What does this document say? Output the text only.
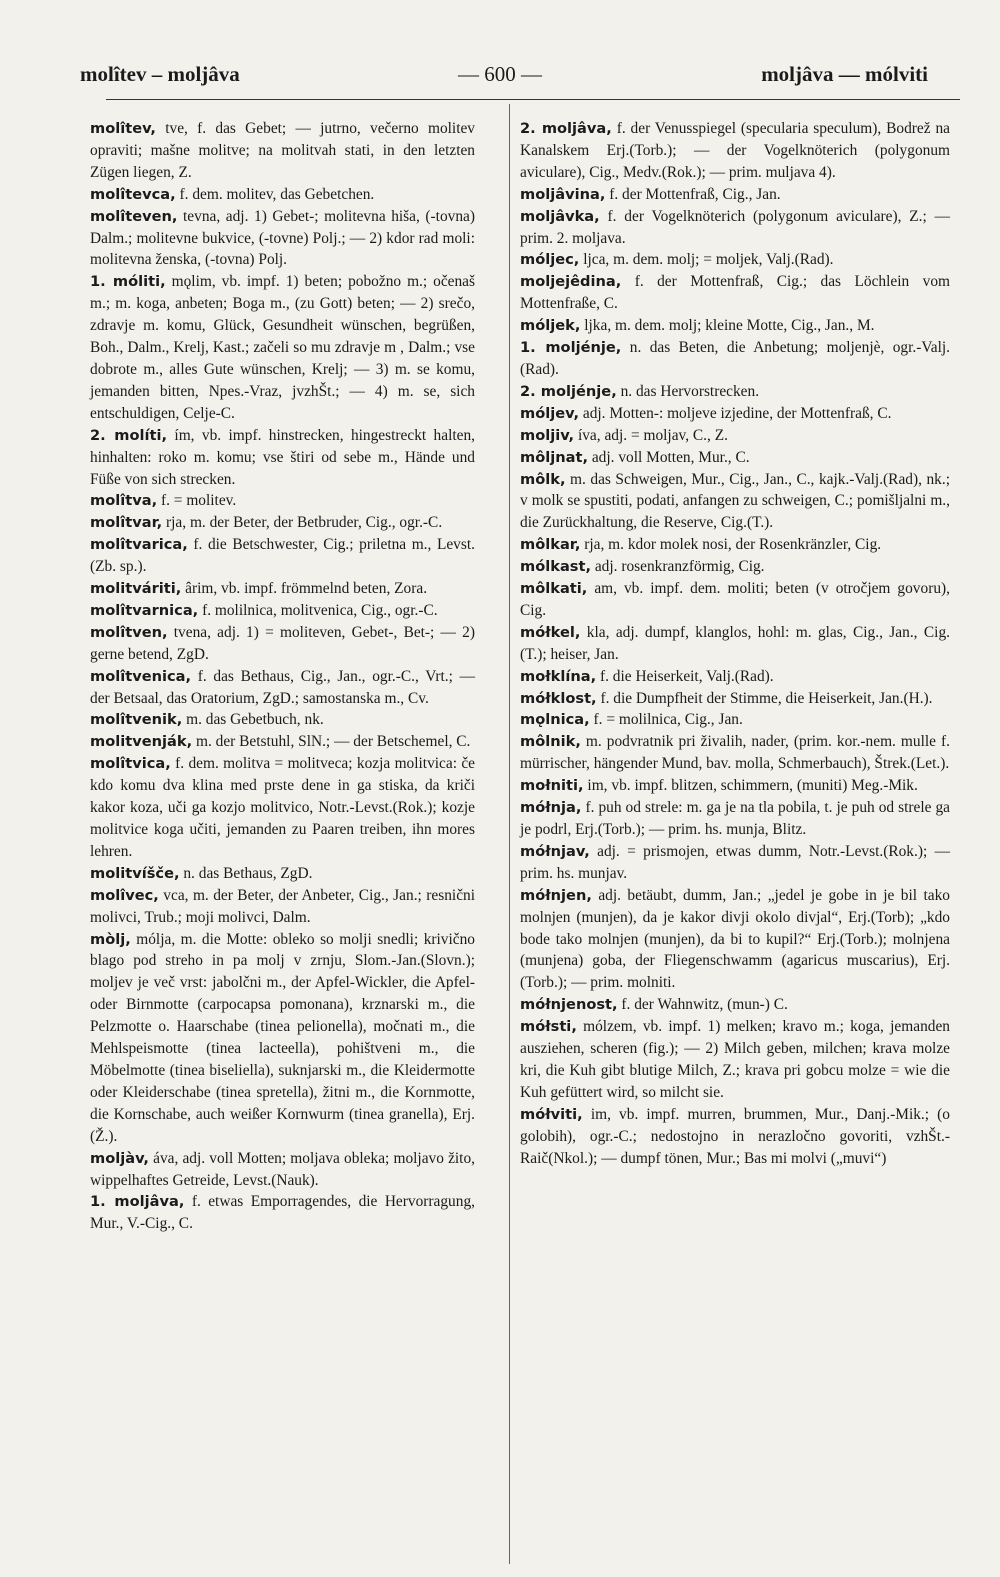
molîtev – moljâva	— 600 —	moljâva — mólviti

molîtev, tve, f. das Gebet; — jutrno, večerno molitev opraviti; mašne molitve; na molitvah stati, in den letzten Zügen liegen, Z.

molîtevca, f. dem. molitev, das Gebetchen.

molîteven, tevna, adj. 1) Gebet-; molitevna hiša, (-tovna) Dalm.; molitevne bukvice, (-tovne) Polj.; — 2) kdor rad moli: molitevna ženska, (-tovna) Polj.

1. móliti, mǫlim, vb. impf. 1) beten; pobožno m.; očenaš m.; m. koga, anbeten; Boga m., (zu Gott) beten; — 2) srečo, zdravje m. komu, Glück, Gesundheit wünschen, begrüßen, Boh., Dalm., Krelj, Kast.; začeli so mu zdravje m , Dalm.; vse dobrote m., alles Gute wünschen, Krelj; — 3) m. se komu, jemanden bitten, Npes.-Vraz, jvzhŠt.; — 4) m. se, sich entschuldigen, Celje-C.

2. molíti, ím, vb. impf. hinstrecken, hingestreckt halten, hinhalten: roko m. komu; vse štiri od sebe m., Hände und Füße von sich strecken.

molîtva, f. = molitev.

molîtvar, rja, m. der Beter, der Betbruder, Cig., ogr.-C.

molîtvarica, f. die Betschwester, Cig.; priletna m., Levst.(Zb. sp.).

molitváriti, ârim, vb. impf. frömmelnd beten, Zora.

molîtvarnica, f. molilnica, molitvenica, Cig., ogr.-C.

molîtven, tvena, adj. 1) = moliteven, Gebet-, Bet-; — 2) gerne betend, ZgD.

molîtvenica, f. das Bethaus, Cig., Jan., ogr.-C., Vrt.; — der Betsaal, das Oratorium, ZgD.; samostanska m., Cv.

molîtvenik, m. das Gebetbuch, nk.

molitvenják, m. der Betstuhl, SlN.; — der Betschemel, C.

molîtvica, f. dem. molitva = molitveca; kozja molitvica: če kdo komu dva klina med prste dene in ga stiska, da kriči kakor koza, uči ga kozjo molitvico, Notr.-Levst.(Rok.); kozje molitvice koga učiti, jemanden zu Paaren treiben, ihn mores lehren.

molitvíšče, n. das Bethaus, ZgD.

molîvec, vca, m. der Beter, der Anbeter, Cig., Jan.; resnični molivci, Trub.; moji molivci, Dalm.

mòlj, mólja, m. die Motte: obleko so molji snedli; krivično blago pod streho in pa molj v zrnju, Slom.-Jan.(Slovn.); moljev je več vrst: jabolčni m., der Apfel-Wickler, die Apfel- oder Birnmotte (carpocapsa pomonana), krznarski m., die Pelzmotte o. Haarschabe (tinea pelionella), močnati m., die Mehlspeismotte (tinea lacteella), pohištveni m., die Möbelmotte (tinea biseliella), suknjarski m., die Kleidermotte oder Kleiderschabe (tinea spretella), žitni m., die Kornmotte, die Kornschabe, auch weißer Kornwurm (tinea granella), Erj.(Ž.).

moljàv, áva, adj. voll Motten; moljava obleka; moljavo žito, wippelhaftes Getreide, Levst.(Nauk).

1. moljâva, f. etwas Emporragendes, die Hervorragung, Mur., V.-Cig., C.

2. moljâva, f. der Venusspiegel (specularia speculum), Bodrež na Kanalskem Erj.(Torb.); — der Vogelknöterich (polygonum aviculare), Cig., Medv.(Rok.); — prim. muljava 4).

moljâvina, f. der Mottenfraß, Cig., Jan.

moljâvka, f. der Vogelknöterich (polygonum aviculare), Z.; — prim. 2. moljava.

móljec, ljca, m. dem. molj; = moljek, Valj.(Rad).

moljejêdina, f. der Mottenfraß, Cig.; das Löchlein vom Mottenfraße, C.

móljek, ljka, m. dem. molj; kleine Motte, Cig., Jan., M.

1. moljénje, n. das Beten, die Anbetung; moljenjè, ogr.-Valj.(Rad).

2. moljénje, n. das Hervorstrecken.

móljev, adj. Motten-: moljeve izjedine, der Mottenfraß, C.

moljiv, íva, adj. = moljav, C., Z.

môljnat, adj. voll Motten, Mur., C.

môlk, m. das Schweigen, Mur., Cig., Jan., C., kajk.-Valj.(Rad), nk.; v molk se spustiti, podati, anfangen zu schweigen, C.; pomišljalni m., die Zurückhaltung, die Reserve, Cig.(T.).

môlkar, rja, m. kdor molek nosi, der Rosenkränzler, Cig.

mólkast, adj. rosenkranzförmig, Cig.

môlkati, am, vb. impf. dem. moliti; beten (v otročjem govoru), Cig.

mółkel, kla, adj. dumpf, klanglos, hohl: m. glas, Cig., Jan., Cig.(T.); heiser, Jan.

mołklína, f. die Heiserkeit, Valj.(Rad).

mółklost, f. die Dumpfheit der Stimme, die Heiserkeit, Jan.(H.).

mǫlnica, f. = molilnica, Cig., Jan.

môlnik, m. podvratnik pri živalih, nader, (prim. kor.-nem. mulle f. mürrischer, hängender Mund, bav. molla, Schmerbauch), Štrek.(Let.).

mołniti, im, vb. impf. blitzen, schimmern, (muniti) Meg.-Mik.

mółnja, f. puh od strele: m. ga je na tla pobila, t. je puh od strele ga je podrl, Erj.(Torb.); — prim. hs. munja, Blitz.

mółnjav, adj. = prismojen, etwas dumm, Notr.-Levst.(Rok.); — prim. hs. munjav.

mółnjen, adj. betäubt, dumm, Jan.; „jedel je gobe in je bil tako molnjen (munjen), da je kakor divji okolo divjal“, Erj.(Torb); „kdo bode tako molnjen (munjen), da bi to kupil?“ Erj.(Torb.); molnjena (munjena) goba, der Fliegenschwamm (agaricus muscarius), Erj.(Torb.); — prim. molniti.

mółnjenost, f. der Wahnwitz, (mun-) C.

mółsti, mólzem, vb. impf. 1) melken; kravo m.; koga, jemanden ausziehen, scheren (fig.); — 2) Milch geben, milchen; krava molze kri, die Kuh gibt blutige Milch, Z.; krava pri gobcu molze = wie die Kuh gefüttert wird, so milcht sie.

mółviti, im, vb. impf. murren, brummen, Mur., Danj.-Mik.; (o golobih), ogr.-C.; nedostojno in nerazločno govoriti, vzhŠt.-Raič(Nkol.); — dumpf tönen, Mur.; Bas mi molvi („muvi“)
